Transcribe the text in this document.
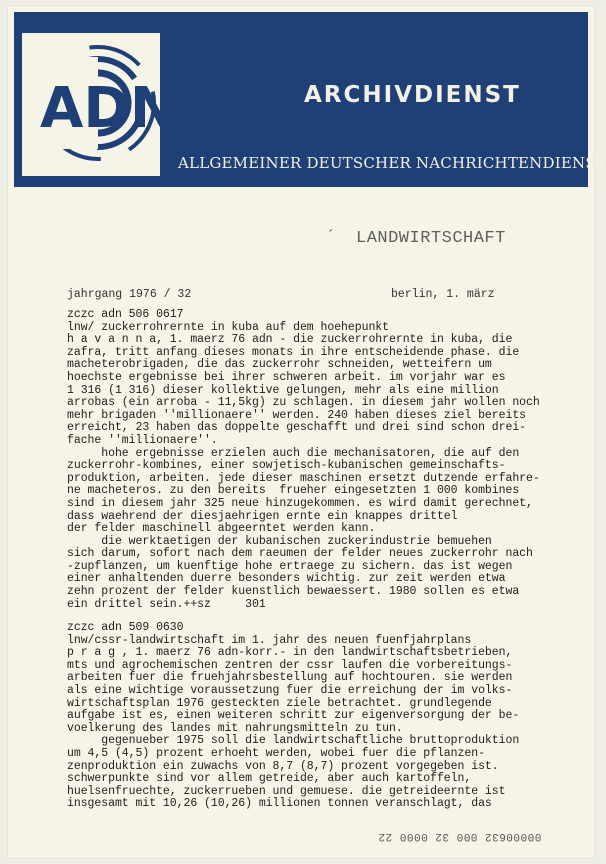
ADN	ARCHIVDIENST
ALLGEMEINER DEUTSCHER NACHRICHTENDIENST
´ LANDWIRTSCHAFT
jahrgang 1976 / 32	berlin, 1. märz
zczc adn 506 0617
lnw/ zuckerrohrernte in kuba auf dem hoehepunkt
h a v a n n a, 1. maerz 76 adn - die zuckerrohrernte in kuba, die
zafra, tritt anfang dieses monats in ihre entscheidende phase. die
macheterobrigaden, die das zuckerrohr schneiden, wetteifern um
hoechste ergebnisse bei ihrer schweren arbeit. im vorjahr war es
1 316 (1 316) dieser kollektive gelungen, mehr als eine million
arrobas (ein arroba - 11,5kg) zu schlagen. in diesem jahr wollen noch
mehr brigaden ''millionaere'' werden. 240 haben dieses ziel bereits
erreicht, 23 haben das doppelte geschafft und drei sind schon drei-
fache ''millionaere''.
hohe ergebnisse erzielen auch die mechanisatoren, die auf den
zuckerrohr-kombines, einer sowjetisch-kubanischen gemeinschafts-
produktion, arbeiten. jede dieser maschinen ersetzt dutzende erfahre-
ne macheteros. zu den bereits  frueher eingesetzten 1 000 kombines
sind in diesem jahr 325 neue hinzugekommen. es wird damit gerechnet,
dass waehrend der diesjaehrigen ernte ein knappes drittel
der felder maschinell abgeerntet werden kann.
die werktaetigen der kubanischen zuckerindustrie bemuehen
sich darum, sofort nach dem raeumen der felder neues zuckerrohr nach
-zupflanzen, um kuenftige hohe ertraege zu sichern. das ist wegen
einer anhaltenden duerre besonders wichtig. zur zeit werden etwa
zehn prozent der felder kuenstlich bewaessert. 1980 sollen es etwa
ein drittel sein.++sz     301
zczc adn 509 0630
lnw/cssr-landwirtschaft im 1. jahr des neuen fuenfjahrplans
p r a g , 1. maerz 76 adn-korr.- in den landwirtschaftsbetrieben,
mts und agrochemischen zentren der cssr laufen die vorbereitungs-
arbeiten fuer die fruehjahrsbestellung auf hochtouren. sie werden
als eine wichtige voraussetzung fuer die erreichung der im volks-
wirtschaftsplan 1976 gesteckten ziele betrachtet. grundlegende
aufgabe ist es, einen weiteren schritt zur eigenversorgung der be-
voelkerung des landes mit nahrungsmitteln zu tun.
gegenueber 1975 soll die landwirtschaftliche bruttoproduktion
um 4,5 (4,5) prozent erhoeht werden, wobei fuer die pflanzen-
zenproduktion ein zuwachs von 8,7 (8,7) prozent vorgegeben ist.
schwerpunkte sind vor allem getreide, aber auch kartoffeln,
huelsenfruechte, zuckerrueben und gemuese. die getreideernte ist
insgesamt mit 10,26 (10,26) millionen tonnen veranschlagt, das
00000632 000 32 0000 22
